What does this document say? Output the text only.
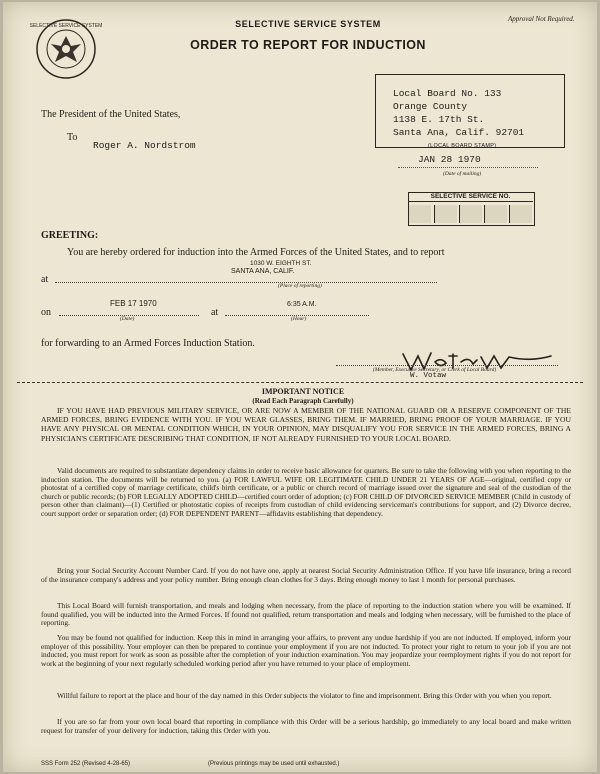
SELECTIVE SERVICE SYSTEM	SELECTIVE SERVICE SYSTEM
ORDER TO REPORT FOR INDUCTION
Approval Not Required.
Local Board No. 133
Orange County
1138 E. 17th St.
Santa Ana, Calif. 92701
(LOCAL BOARD STAMP)
JAN 28 1970
(Date of mailing)
SELECTIVE SERVICE NO.
The President of the United States,
To
Roger A. Nordstrom
GREETING:
You are hereby ordered for induction into the Armed Forces of the United States, and to report
at
1030 W. EIGHTH ST.
SANTA ANA, CALIF.
(Place of reporting)
on
FEB 17 1970
(Date)
at
6:35 A.M.
(Hour)
for forwarding to an Armed Forces Induction Station.
(Member, Executive Secretary, or Clerk of Local Board)
W. Votaw
IMPORTANT NOTICE
(Read Each Paragraph Carefully)
IF YOU HAVE HAD PREVIOUS MILITARY SERVICE, OR ARE NOW A MEMBER OF THE NATIONAL GUARD OR A RESERVE COMPONENT OF THE ARMED FORCES, BRING EVIDENCE WITH YOU. IF YOU WEAR GLASSES, BRING THEM. IF MARRIED, BRING PROOF OF YOUR MARRIAGE. IF YOU HAVE ANY PHYSICAL OR MENTAL CONDITION WHICH, IN YOUR OPINION, MAY DISQUALIFY YOU FOR SERVICE IN THE ARMED FORCES, BRING A PHYSICIAN'S CERTIFICATE DESCRIBING THAT CONDITION, IF NOT ALREADY FURNISHED TO YOUR LOCAL BOARD.
Valid documents are required to substantiate dependency claims in order to receive basic allowance for quarters. Be sure to take the following with you when reporting to the induction station. The documents will be returned to you. (a) FOR LAWFUL WIFE OR LEGITIMATE CHILD UNDER 21 YEARS OF AGE—original, certified copy or photostat of a certified copy of marriage certificate, child's birth certificate, or a public or church record of marriage issued over the signature and seal of the custodian of the church or public records; (b) FOR LEGALLY ADOPTED CHILD—certified court order of adoption; (c) FOR CHILD OF DIVORCED SERVICE MEMBER (Child in custody of person other than claimant)—(1) Certified or photostatic copies of receipts from custodian of child evidencing serviceman's contributions for support, and (2) Divorce decree, court support order or separation order; (d) FOR DEPENDENT PARENT—affidavits establishing that dependency.
Bring your Social Security Account Number Card. If you do not have one, apply at nearest Social Security Administration Office. If you have life insurance, bring a record of the insurance company's address and your policy number. Bring enough clean clothes for 3 days. Bring enough money to last 1 month for personal purchases.
This Local Board will furnish transportation, and meals and lodging when necessary, from the place of reporting to the induction station where you will be examined. If found qualified, you will be inducted into the Armed Forces. If found not qualified, return transportation and meals and lodging when necessary, will be furnished to the place of reporting.
You may be found not qualified for induction. Keep this in mind in arranging your affairs, to prevent any undue hardship if you are not inducted. If employed, inform your employer of this possibility. Your employer can then be prepared to continue your employment if you are not inducted. To protect your right to return to your job if you are not inducted, you must report for work as soon as possible after the completion of your induction examination. You may jeopardize your reemployment rights if you do not report for work at the beginning of your next regularly scheduled working period after you have returned to your place of employment.
Willful failure to report at the place and hour of the day named in this Order subjects the violator to fine and imprisonment. Bring this Order with you when you report.
If you are so far from your own local board that reporting in compliance with this Order will be a serious hardship, go immediately to any local board and make written request for transfer of your delivery for induction, taking this Order with you.
SSS Form 252 (Revised 4-28-65)	(Previous printings may be used until exhausted.)
